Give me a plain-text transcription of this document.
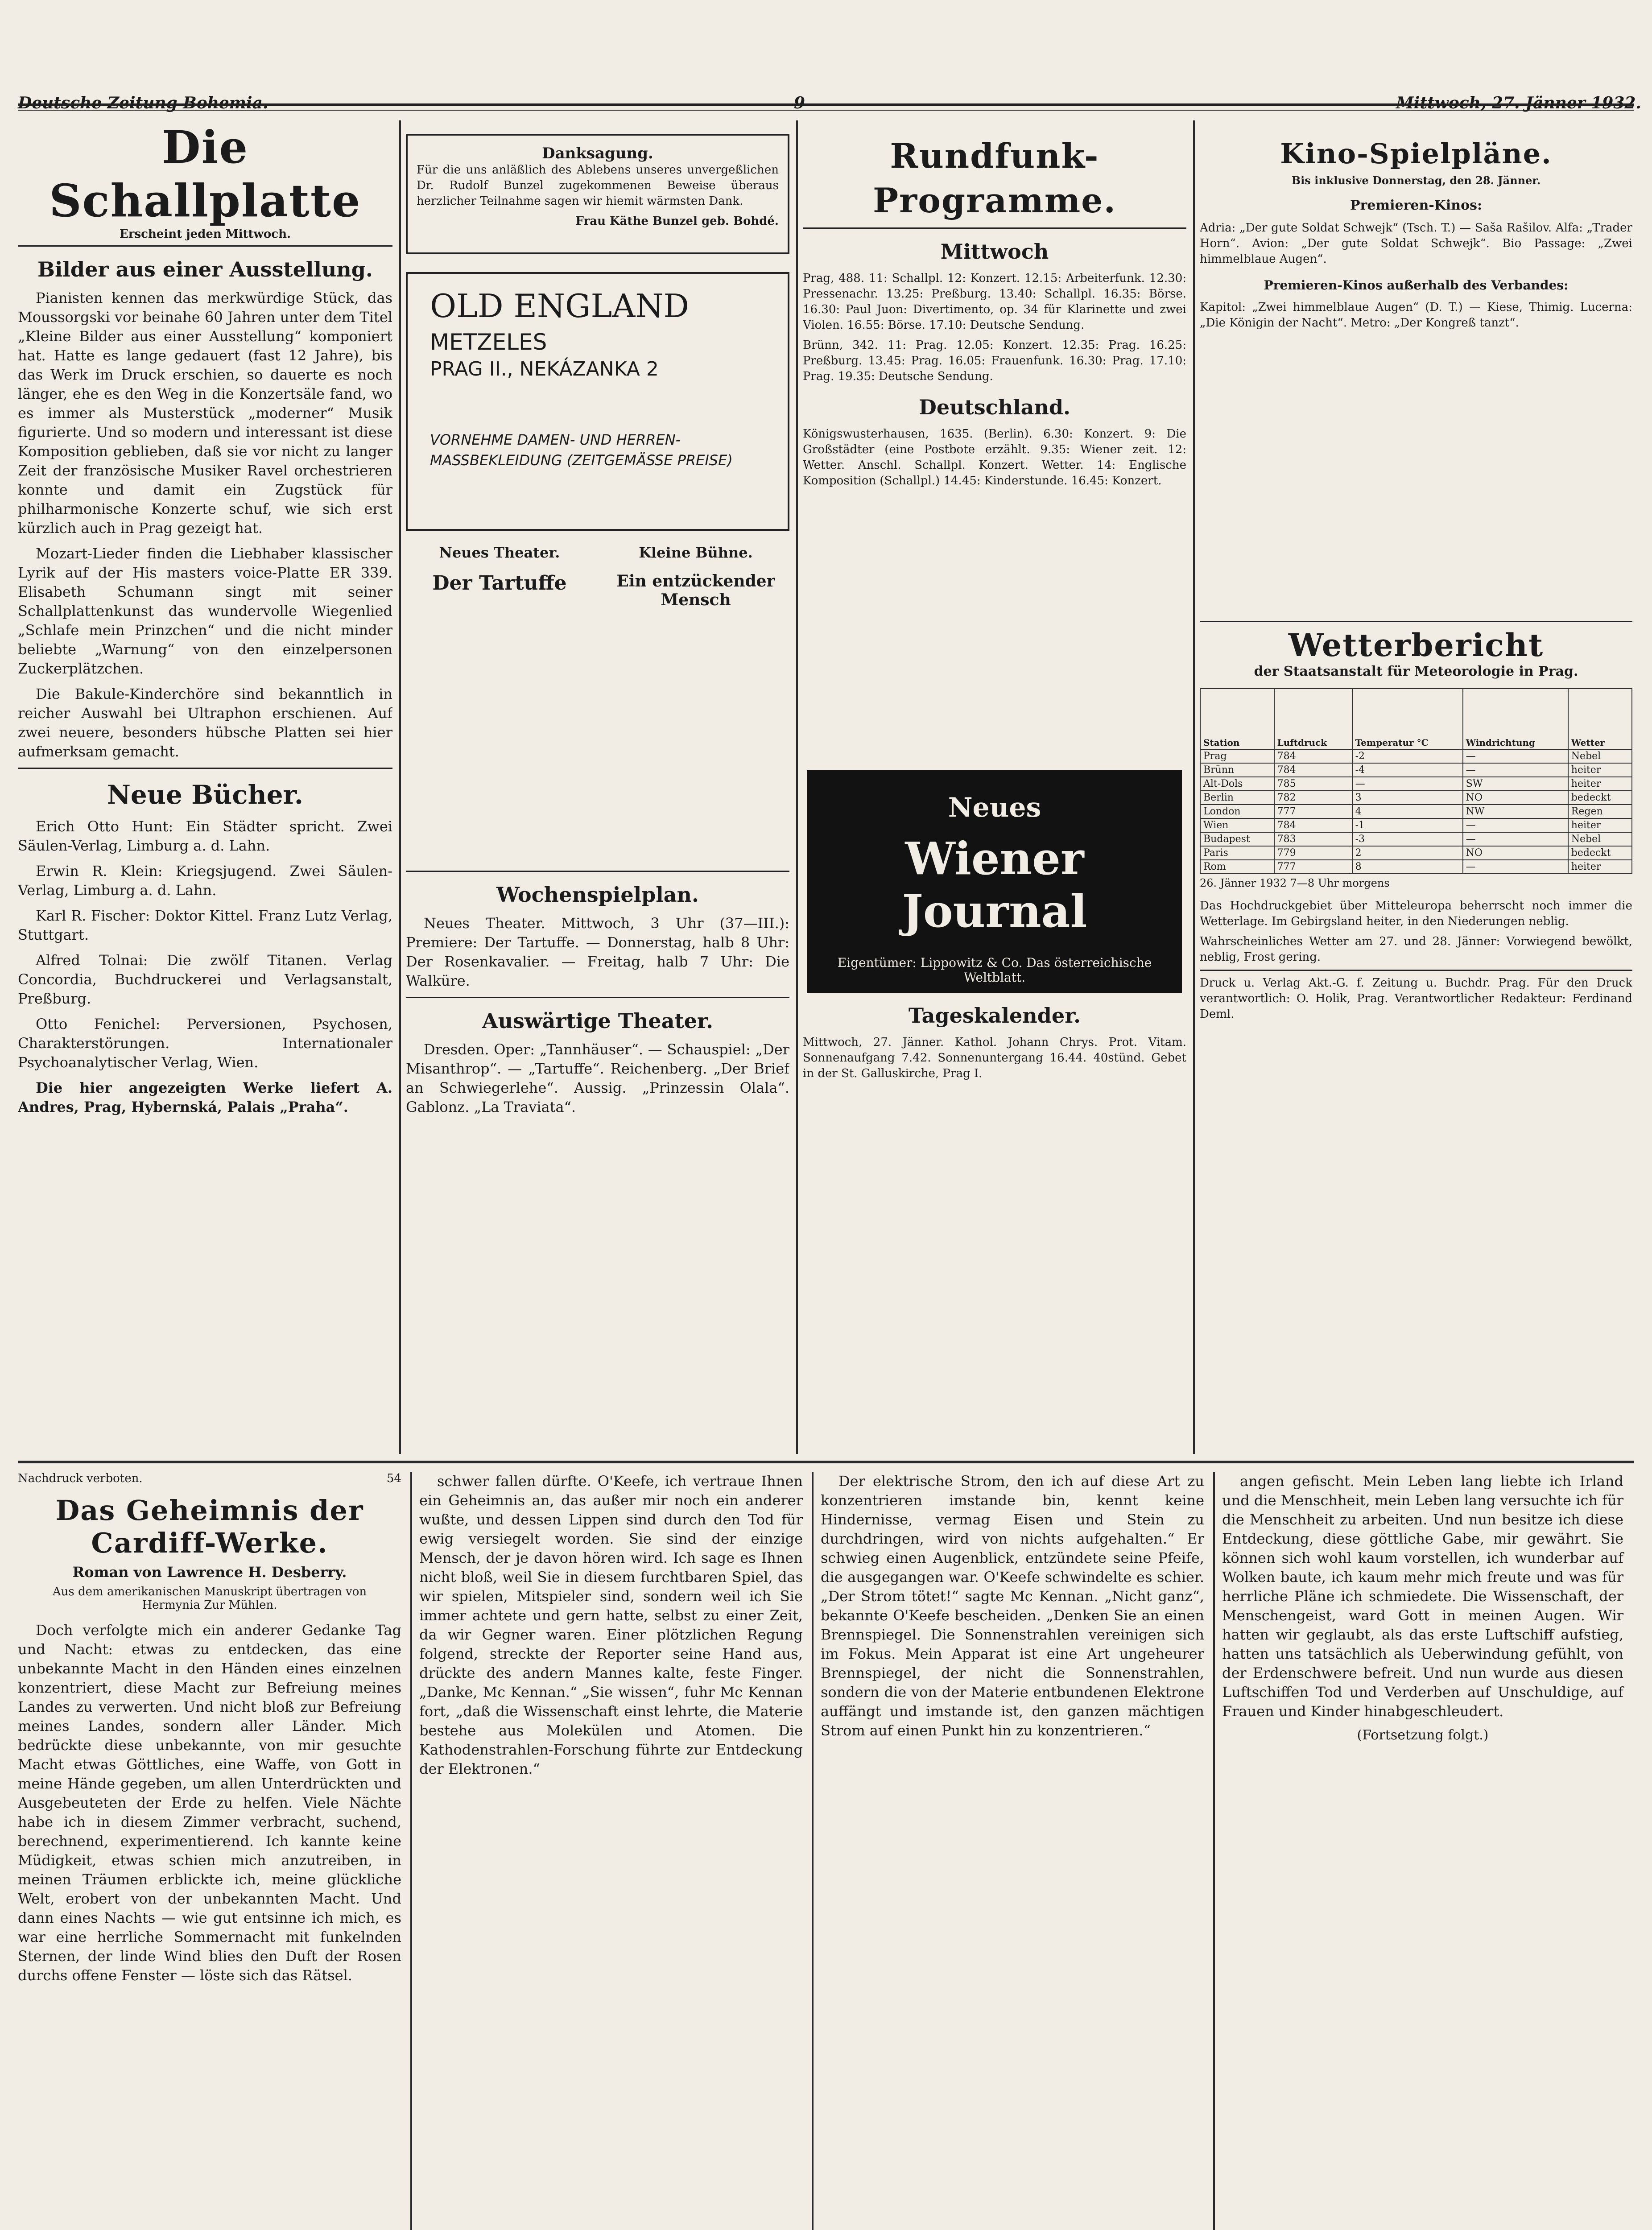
Deutsche Zeitung Bohemia.	9	Mittwoch, 27. Jänner 1932.
Die Schallplatte
Erscheint jeden Mittwoch.
Bilder aus einer Ausstellung.

Pianisten kennen das merkwürdige Stück, das Moussorgski vor beinahe 60 Jahren unter dem Titel „Kleine Bilder aus einer Ausstellung“ komponiert hat. Hatte es lange gedauert (fast 12 Jahre), bis das Werk im Druck erschien, so dauerte es noch länger, ehe es den Weg in die Konzertsäle fand, wo es immer als Musterstück „moderner“ Musik figurierte. Und so modern und interessant ist diese Komposition geblieben, daß sie vor nicht zu langer Zeit der französische Musiker Ravel orchestrieren konnte und damit ein Zugstück für philharmonische Konzerte schuf, wie sich erst kürzlich auch in Prag gezeigt hat.

Mozart-Lieder finden die Liebhaber klassischer Lyrik auf der His masters voice-Platte ER 339. Elisabeth Schumann singt mit seiner Schallplattenkunst das wundervolle Wiegenlied „Schlafe mein Prinzchen“ und die nicht minder beliebte „Warnung“ von den einzelpersonen Zuckerplätzchen.

Die Bakule-Kinderchöre sind bekanntlich in reicher Auswahl bei Ultraphon erschienen. Auf zwei neuere, besonders hübsche Platten sei hier aufmerksam gemacht.

Neue Bücher.

Erich Otto Hunt: Ein Städter spricht. Zwei Säulen-Verlag, Limburg a. d. Lahn.

Erwin R. Klein: Kriegsjugend. Zwei Säulen-Verlag, Limburg a. d. Lahn.

Karl R. Fischer: Doktor Kittel. Franz Lutz Verlag, Stuttgart.

Alfred Tolnai: Die zwölf Titanen. Verlag Concordia, Buchdruckerei und Verlagsanstalt, Preßburg.

Otto Fenichel: Perversionen, Psychosen, Charakterstörungen. Internationaler Psychoanalytischer Verlag, Wien.

Die hier angezeigten Werke liefert A. Andres, Prag, Hybernská, Palais „Praha“.

Danksagung.

Für die uns anläßlich des Ablebens unseres unvergeßlichen Dr. Rudolf Bunzel zugekommenen Beweise überaus herzlicher Teilnahme sagen wir hiemit wärmsten Dank.

Frau Käthe Bunzel geb. Bohdé.

OLD ENGLAND
METZELES
PRAG II., NEKÁZANKA 2
VORNEHME DAMEN- UND HERREN-MASSBEKLEIDUNG (ZEITGEMÄSSE PREISE)
Neues Theater.
Der Tartuffe
Kleine Bühne.
Ein entzückender Mensch
Wochenspielplan.

Neues Theater. Mittwoch, 3 Uhr (37—III.): Premiere: Der Tartuffe. — Donnerstag, halb 8 Uhr: Der Rosenkavalier. — Freitag, halb 7 Uhr: Die Walküre.

Auswärtige Theater.

Dresden. Oper: „Tannhäuser“. — Schauspiel: „Der Misanthrop“. — „Tartuffe“. Reichenberg. „Der Brief an Schwiegerlehe“. Aussig. „Prinzessin Olala“. Gablonz. „La Traviata“.

Rundfunk-Programme.
Mittwoch

Prag, 488. 11: Schallpl. 12: Konzert. 12.15: Arbeiterfunk. 12.30: Pressenachr. 13.25: Preßburg. 13.40: Schallpl. 16.35: Börse. 16.30: Paul Juon: Divertimento, op. 34 für Klarinette und zwei Violen. 16.55: Börse. 17.10: Deutsche Sendung.

Brünn, 342. 11: Prag. 12.05: Konzert. 12.35: Prag. 16.25: Preßburg. 13.45: Prag. 16.05: Frauenfunk. 16.30: Prag. 17.10: Prag. 19.35: Deutsche Sendung.

Deutschland.

Königswusterhausen, 1635. (Berlin). 6.30: Konzert. 9: Die Großstädter (eine Postbote erzählt. 9.35: Wiener zeit. 12: Wetter. Anschl. Schallpl. Konzert. Wetter. 14: Englische Komposition (Schallpl.) 14.45: Kinderstunde. 16.45: Konzert.

Neues
Wiener Journal
Eigentümer: Lippowitz & Co. Das österreichische Weltblatt.
Tageskalender.

Mittwoch, 27. Jänner. Kathol. Johann Chrys. Prot. Vitam. Sonnenaufgang 7.42. Sonnenuntergang 16.44. 40stünd. Gebet in der St. Galluskirche, Prag I.

Kino-Spielpläne.
Bis inklusive Donnerstag, den 28. Jänner.
Premieren-Kinos:

Adria: „Der gute Soldat Schwejk“ (Tsch. T.) — Saša Rašilov. Alfa: „Trader Horn“. Avion: „Der gute Soldat Schwejk“. Bio Passage: „Zwei himmelblaue Augen“.

Premieren-Kinos außerhalb des Verbandes:

Kapitol: „Zwei himmelblaue Augen“ (D. T.) — Kiese, Thimig. Lucerna: „Die Königin der Nacht“. Metro: „Der Kongreß tanzt“.

Wetterbericht
der Staatsanstalt für Meteorologie in Prag.
Station	Luftdruck	Temperatur °C	Windrichtung	Wetter
Prag	784	-2	—	Nebel
Brünn	784	-4	—	heiter
Alt-Dols	785	—	SW	heiter
Berlin	782	3	NO	bedeckt
London	777	4	NW	Regen
Wien	784	-1	—	heiter
Budapest	783	-3	—	Nebel
Paris	779	2	NO	bedeckt
Rom	777	8	—	heiter
26. Jänner 1932 7—8 Uhr morgens

Das Hochdruckgebiet über Mitteleuropa beherrscht noch immer die Wetterlage. Im Gebirgsland heiter, in den Niederungen neblig.

Wahrscheinliches Wetter am 27. und 28. Jänner: Vorwiegend bewölkt, neblig, Frost gering.

Druck u. Verlag Akt.-G. f. Zeitung u. Buchdr. Prag. Für den Druck verantwortlich: O. Holik, Prag. Verantwortlicher Redakteur: Ferdinand Deml.

Nachdruck verboten.	54
Das Geheimnis der Cardiff-Werke.
Roman von Lawrence H. Desberry.
Aus dem amerikanischen Manuskript übertragen von Hermynia Zur Mühlen.

Doch verfolgte mich ein anderer Gedanke Tag und Nacht: etwas zu entdecken, das eine unbekannte Macht in den Händen eines einzelnen konzentriert, diese Macht zur Befreiung meines Landes zu verwerten. Und nicht bloß zur Befreiung meines Landes, sondern aller Länder. Mich bedrückte diese unbekannte, von mir gesuchte Macht etwas Göttliches, eine Waffe, von Gott in meine Hände gegeben, um allen Unterdrückten und Ausgebeuteten der Erde zu helfen. Viele Nächte habe ich in diesem Zimmer verbracht, suchend, berechnend, experimentierend. Ich kannte keine Müdigkeit, etwas schien mich anzutreiben, in meinen Träumen erblickte ich, meine glückliche Welt, erobert von der unbekannten Macht. Und dann eines Nachts — wie gut entsinne ich mich, es war eine herrliche Sommernacht mit funkelnden Sternen, der linde Wind blies den Duft der Rosen durchs offene Fenster — löste sich das Rätsel.

schwer fallen dürfte. O'Keefe, ich vertraue Ihnen ein Geheimnis an, das außer mir noch ein anderer wußte, und dessen Lippen sind durch den Tod für ewig versiegelt worden. Sie sind der einzige Mensch, der je davon hören wird. Ich sage es Ihnen nicht bloß, weil Sie in diesem furchtbaren Spiel, das wir spielen, Mitspieler sind, sondern weil ich Sie immer achtete und gern hatte, selbst zu einer Zeit, da wir Gegner waren. Einer plötzlichen Regung folgend, streckte der Reporter seine Hand aus, drückte des andern Mannes kalte, feste Finger. „Danke, Mc Kennan.“ „Sie wissen“, fuhr Mc Kennan fort, „daß die Wissenschaft einst lehrte, die Materie bestehe aus Molekülen und Atomen. Die Kathodenstrahlen-Forschung führte zur Entdeckung der Elektronen.“

Der elektrische Strom, den ich auf diese Art zu konzentrieren imstande bin, kennt keine Hindernisse, vermag Eisen und Stein zu durchdringen, wird von nichts aufgehalten.“ Er schwieg einen Augenblick, entzündete seine Pfeife, die ausgegangen war. O'Keefe schwindelte es schier. „Der Strom tötet!“ sagte Mc Kennan. „Nicht ganz“, bekannte O'Keefe bescheiden. „Denken Sie an einen Brennspiegel. Die Sonnenstrahlen vereinigen sich im Fokus. Mein Apparat ist eine Art ungeheurer Brennspiegel, der nicht die Sonnenstrahlen, sondern die von der Materie entbundenen Elektrone auffängt und imstande ist, den ganzen mächtigen Strom auf einen Punkt hin zu konzentrieren.“

angen gefischt. Mein Leben lang liebte ich Irland und die Menschheit, mein Leben lang versuchte ich für die Menschheit zu arbeiten. Und nun besitze ich diese Entdeckung, diese göttliche Gabe, mir gewährt. Sie können sich wohl kaum vorstellen, ich wunderbar auf Wolken baute, ich kaum mehr mich freute und was für herrliche Pläne ich schmiedete. Die Wissenschaft, der Menschengeist, ward Gott in meinen Augen. Wir hatten wir geglaubt, als das erste Luftschiff aufstieg, hatten uns tatsächlich als Ueberwindung gefühlt, von der Erdenschwere befreit. Und nun wurde aus diesen Luftschiffen Tod und Verderben auf Unschuldige, auf Frauen und Kinder hinabgeschleudert.

(Fortsetzung folgt.)
